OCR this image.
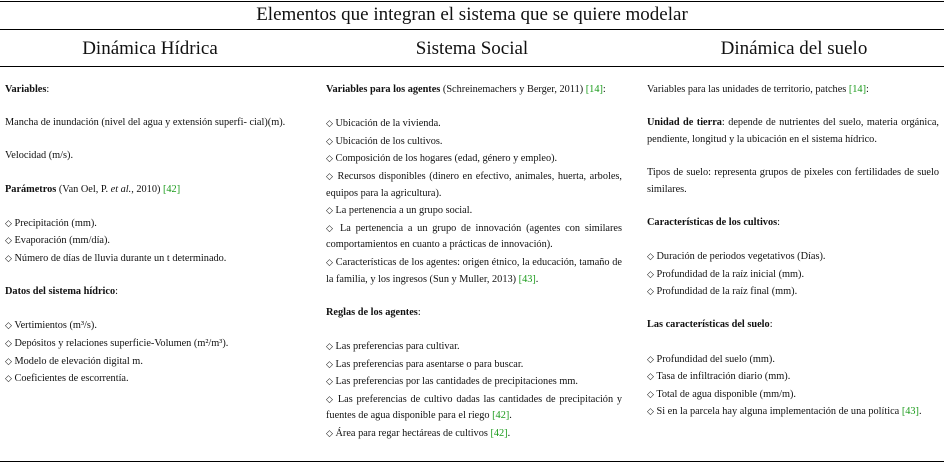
Elementos que integran el sistema que se quiere modelar
Dinámica Hídrica	Sistema Social	Dinámica del suelo

Variables:

Mancha de inundación (nivel del agua y extensión superfi- cial)(m).

Velocidad (m/s).

Parámetros (Van Oel, P. et al., 2010) [42]

◇ Precipitación (mm).

◇ Evaporación (mm/día).

◇ Número de días de lluvia durante un t determinado.

Datos del sistema hídrico:

◇ Vertimientos (m³/s).

◇ Depósitos y relaciones superficie-Volumen (m²/m³).

◇ Modelo de elevación digital m.

◇ Coeficientes de escorrentía.

Variables para los agentes (Schreinemachers y Berger, 2011) [14]:

◇ Ubicación de la vivienda.

◇ Ubicación de los cultivos.

◇ Composición de los hogares (edad, género y empleo).

◇ Recursos disponibles (dinero en efectivo, animales, huerta, arboles, equipos para la agricultura).

◇ La pertenencia a un grupo social.

◇ La pertenencia a un grupo de innovación (agentes con similares comportamientos en cuanto a prácticas de innovación).

◇ Características de los agentes: origen étnico, la educación, tamaño de la familia, y los ingresos (Sun y Muller, 2013) [43].

Reglas de los agentes:

◇ Las preferencias para cultivar.

◇ Las preferencias para asentarse o para buscar.

◇ Las preferencias por las cantidades de precipitaciones mm.

◇ Las preferencias de cultivo dadas las cantidades de precipitación y fuentes de agua disponible para el riego [42].

◇ Área para regar hectáreas de cultivos [42].

Variables para las unidades de territorio, patches [14]:

Unidad de tierra: depende de nutrientes del suelo, materia orgánica, pendiente, longitud y la ubicación en el sistema hídrico.

Tipos de suelo: representa grupos de pixeles con fertilidades de suelo similares.

Características de los cultivos:

◇ Duración de periodos vegetativos (Días).

◇ Profundidad de la raíz inicial (mm).

◇ Profundidad de la raíz final (mm).

Las características del suelo:

◇ Profundidad del suelo (mm).

◇ Tasa de infiltración diario (mm).

◇ Total de agua disponible (mm/m).

◇ Si en la parcela hay alguna implementación de una política [43].
